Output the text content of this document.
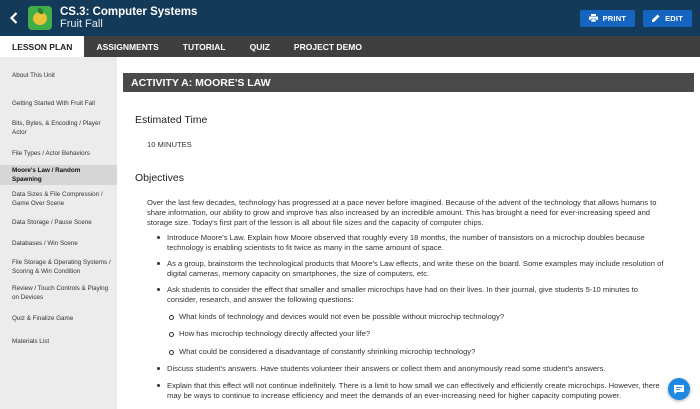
CS.3: Computer Systems
Fruit Fall	PRINT	EDIT
LESSON PLAN	ASSIGNMENTS	TUTORIAL	QUIZ	PROJECT DEMO
About This Unit
Getting Started With Fruit Fall
Bits, Bytes, & Encoding / Player Actor
File Types / Actor Behaviors
Moore's Law / Random Spawning
Data Sizes & File Compression / Game Over Scene
Data Storage / Pause Scene
Databases / Win Scene
File Storage & Operating Systems / Scoring & Win Condition
Review / Touch Controls & Playing on Devices
Quiz & Finalize Game
Materials List
ACTIVITY A: MOORE'S LAW
Estimated Time
10 MINUTES
Objectives
Over the last few decades, technology has progressed at a pace never before imagined. Because of the advent of the technology that allows humans to share information, our ability to grow and improve has also increased by an incredible amount. This has brought a need for ever-increasing speed and storage size. Today's first part of the lesson is all about file sizes and the capacity of computer chips.
Introduce Moore's Law. Explain how Moore observed that roughly every 18 months, the number of transistors on a microchip doubles because technology is enabling scientists to fit twice as many in the same amount of space.
As a group, brainstorm the technological products that Moore's Law effects, and write these on the board. Some examples may include resolution of digital cameras, memory capacity on smartphones, the size of computers, etc.
Ask students to consider the effect that smaller and smaller microchips have had on their lives. In their journal, give students 5-10 minutes to consider, research, and answer the following questions:
What kinds of technology and devices would not even be possible without microchip technology?
How has microchip technology directly affected your life?
What could be considered a disadvantage of constantly shrinking microchip technology?
Discuss student's answers. Have students volunteer their answers or collect them and anonymously read some student's answers.
Explain that this effect will not continue indefinitely. There is a limit to how small we can effectively and efficiently create microchips. However, there may be ways to continue to increase efficiency and meet the demands of an ever-increasing need for higher capacity computing power.
